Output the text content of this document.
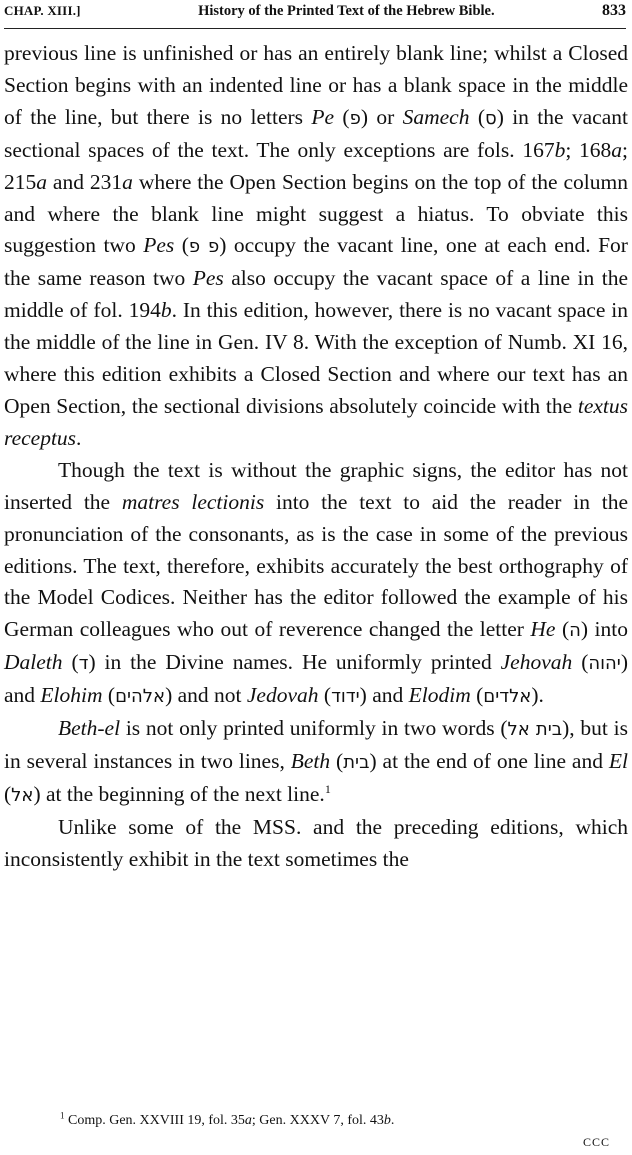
CHAP. XIII.]	History of the Printed Text of the Hebrew Bible.	833

previous line is unfinished or has an entirely blank line; whilst a Closed Section begins with an indented line or has a blank space in the middle of the line, but there is no letters Pe (פ) or Samech (ס) in the vacant sectional spaces of the text. The only exceptions are fols. 167b; 168a; 215a and 231a where the Open Section begins on the top of the column and where the blank line might suggest a hiatus. To obviate this suggestion two Pes (פ פ) occupy the vacant line, one at each end. For the same reason two Pes also occupy the vacant space of a line in the middle of fol. 194b. In this edition, however, there is no vacant space in the middle of the line in Gen. IV 8. With the exception of Numb. XI 16, where this edition exhibits a Closed Section and where our text has an Open Section, the sectional divisions absolutely coincide with the textus receptus.

Though the text is without the graphic signs, the editor has not inserted the matres lectionis into the text to aid the reader in the pronunciation of the consonants, as is the case in some of the previous editions. The text, therefore, exhibits accurately the best orthography of the Model Codices. Neither has the editor followed the example of his German colleagues who out of reverence changed the letter He (ה) into Daleth (ד) in the Divine names. He uniformly printed Jehovah (יהוה) and Elohim (אלהים) and not Jedovah (ידוד) and Elodim (אלדים).

Beth-el is not only printed uniformly in two words (בית אל), but is in several instances in two lines, Beth (בית) at the end of one line and El (אל) at the beginning of the next line.$^1$

Unlike some of the MSS. and the preceding editions, which inconsistently exhibit in the text sometimes the

$^1$ Comp. Gen. XXVIII 19, fol. 35a; Gen. XXXV 7, fol. 43b.
CCC
